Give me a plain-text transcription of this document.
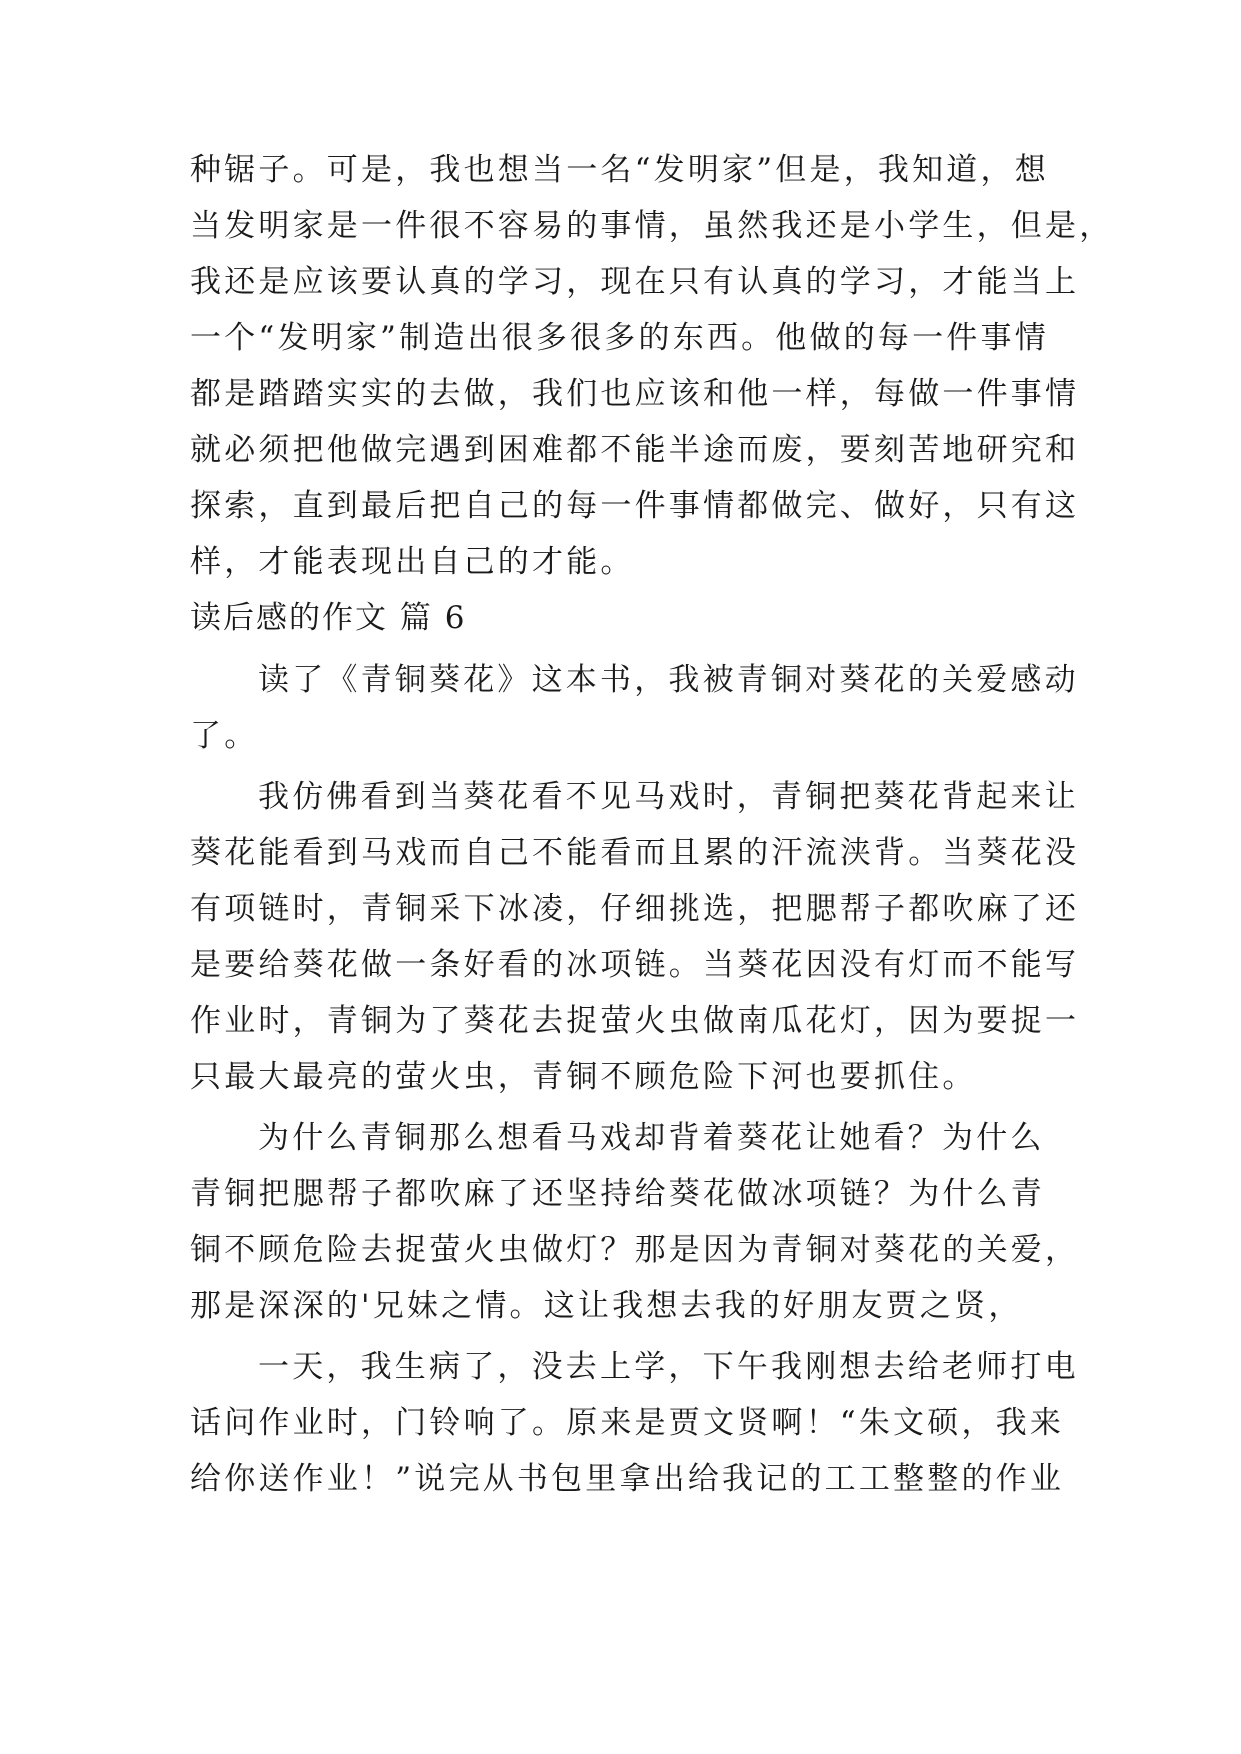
种锯子。可是，我也想当一名“发明家”但是，我知道，想
当发明家是一件很不容易的事情，虽然我还是小学生，但是，
我还是应该要认真的学习，现在只有认真的学习，才能当上
一个“发明家”制造出很多很多的东西。他做的每一件事情
都是踏踏实实的去做，我们也应该和他一样，每做一件事情
就必须把他做完遇到困难都不能半途而废，要刻苦地研究和
探索，直到最后把自己的每一件事情都做完、做好，只有这
样，才能表现出自己的才能。
读后感的作文 篇 6
读了《青铜葵花》这本书，我被青铜对葵花的关爱感动
了。
我仿佛看到当葵花看不见马戏时，青铜把葵花背起来让
葵花能看到马戏而自己不能看而且累的汗流浃背。当葵花没
有项链时，青铜采下冰凌，仔细挑选，把腮帮子都吹麻了还
是要给葵花做一条好看的冰项链。当葵花因没有灯而不能写
作业时，青铜为了葵花去捉萤火虫做南瓜花灯，因为要捉一
只最大最亮的萤火虫，青铜不顾危险下河也要抓住。
为什么青铜那么想看马戏却背着葵花让她看？为什么
青铜把腮帮子都吹麻了还坚持给葵花做冰项链？为什么青
铜不顾危险去捉萤火虫做灯？那是因为青铜对葵花的关爱，
那是深深的'兄妹之情。这让我想去我的好朋友贾之贤，
一天，我生病了，没去上学，下午我刚想去给老师打电
话问作业时，门铃响了。原来是贾文贤啊！“朱文硕，我来
给你送作业！”说完从书包里拿出给我记的工工整整的作业
